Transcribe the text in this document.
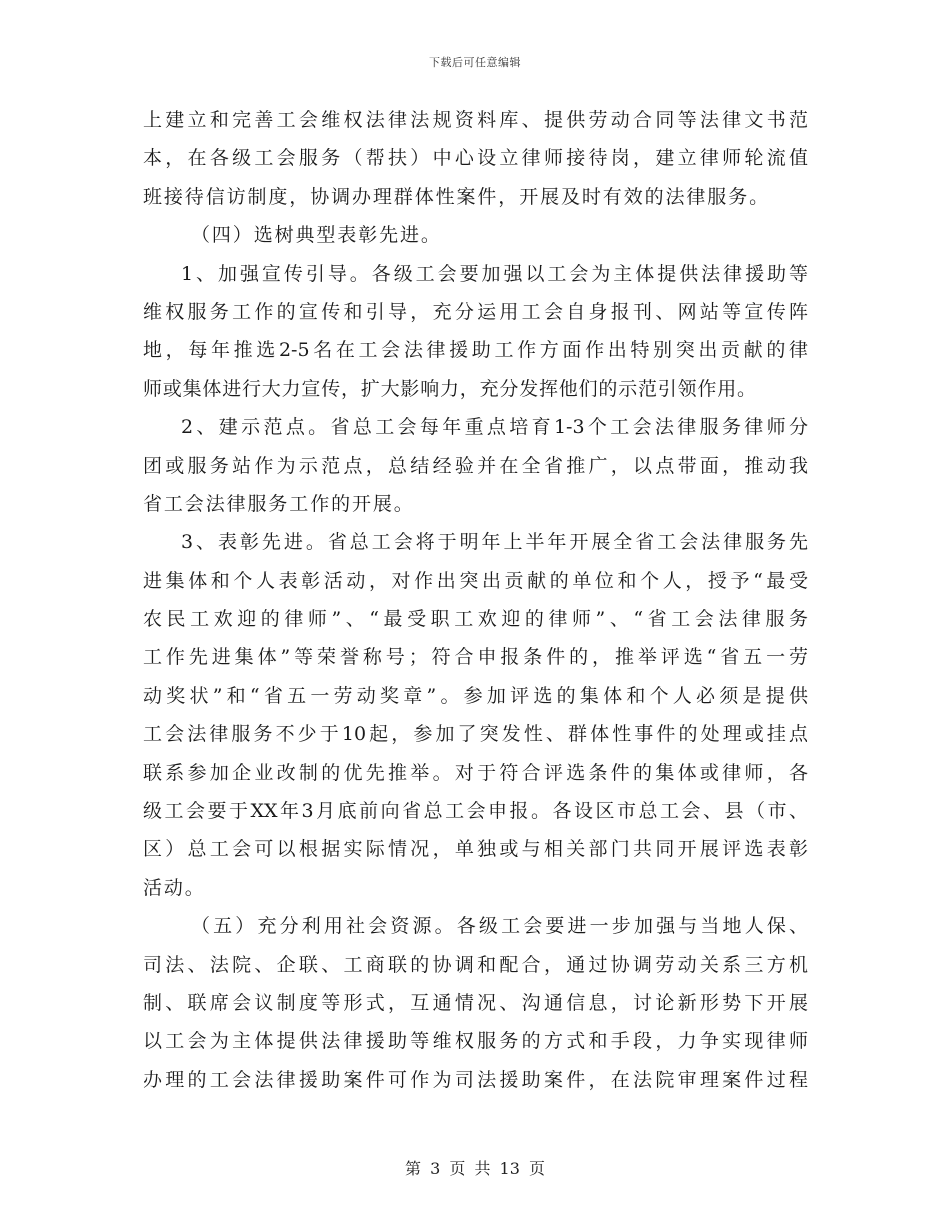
下载后可任意编辑
上建立和完善工会维权法律法规资料库、提供劳动合同等法律文书范
本，在各级工会服务（帮扶）中心设立律师接待岗，建立律师轮流值
班接待信访制度，协调办理群体性案件，开展及时有效的法律服务。
（四）选树典型表彰先进。
1、加强宣传引导。各级工会要加强以工会为主体提供法律援助等
维权服务工作的宣传和引导，充分运用工会自身报刊、网站等宣传阵
地，每年推选2-5名在工会法律援助工作方面作出特别突出贡献的律
师或集体进行大力宣传，扩大影响力，充分发挥他们的示范引领作用。
2、建示范点。省总工会每年重点培育1-3个工会法律服务律师分
团或服务站作为示范点，总结经验并在全省推广，以点带面，推动我
省工会法律服务工作的开展。
3、表彰先进。省总工会将于明年上半年开展全省工会法律服务先
进集体和个人表彰活动，对作出突出贡献的单位和个人，授予“最受
农民工欢迎的律师”、“最受职工欢迎的律师”、“省工会法律服务
工作先进集体”等荣誉称号；符合申报条件的，推举评选“省五一劳
动奖状”和“省五一劳动奖章”。参加评选的集体和个人必须是提供
工会法律服务不少于10起，参加了突发性、群体性事件的处理或挂点
联系参加企业改制的优先推举。对于符合评选条件的集体或律师，各
级工会要于XX年3月底前向省总工会申报。各设区市总工会、县（市、
区）总工会可以根据实际情况，单独或与相关部门共同开展评选表彰
活动。
（五）充分利用社会资源。各级工会要进一步加强与当地人保、
司法、法院、企联、工商联的协调和配合，通过协调劳动关系三方机
制、联席会议制度等形式，互通情况、沟通信息，讨论新形势下开展
以工会为主体提供法律援助等维权服务的方式和手段，力争实现律师
办理的工会法律援助案件可作为司法援助案件，在法院审理案件过程
第 3 页 共 13 页
